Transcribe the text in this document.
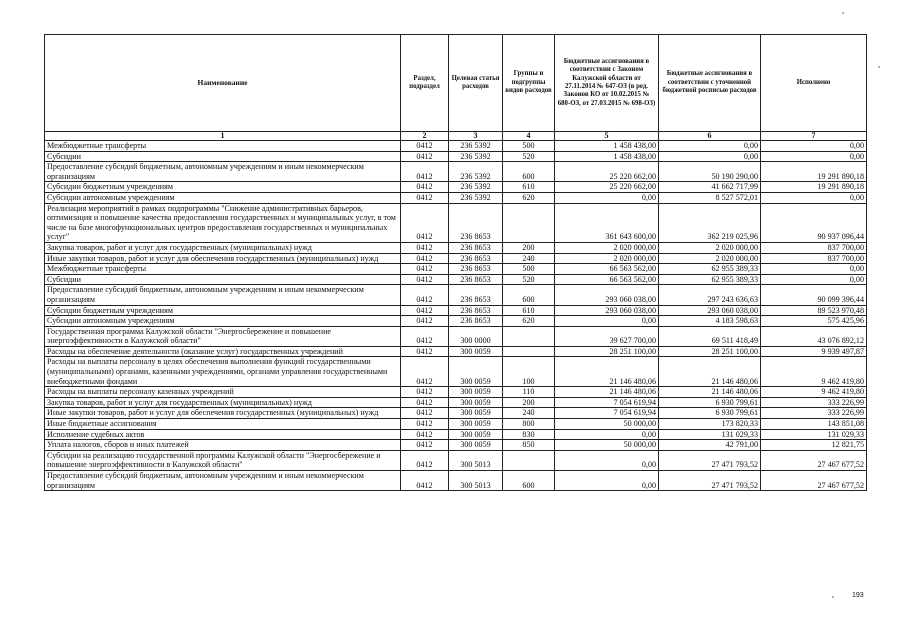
Наименование	Раздел, подраздел	Целевая статья расходов	Группы и подгруппы видов расходов	Бюджетные ассигнования в соответствии с Законом Калужской области от 27.11.2014 № 647-ОЗ (в ред. Законов КО от 10.02.2015 № 680-ОЗ, от 27.03.2015 № 698-ОЗ)	Бюджетные ассигнования в соответствии с уточненной бюджетной росписью расходов	Исполнено
1	2	3	4	5	6	7
Межбюджетные трансферты	0412	236 5392	500	1 458 438,00	0,00	0,00
Субсидии	0412	236 5392	520	1 458 438,00	0,00	0,00
Предоставление субсидий бюджетным, автономным учреждениям и иным некоммерческим организациям	0412	236 5392	600	25 220 662,00	50 190 290,00	19 291 890,18
Субсидии бюджетным учреждениям	0412	236 5392	610	25 220 662,00	41 662 717,99	19 291 890,18
Субсидии автономным учреждениям	0412	236 5392	620	0,00	8 527 572,01	0,00
Реализация мероприятий в рамках подпрограммы "Снижение административных барьеров, оптимизация и повышение качества предоставления государственных и муниципальных услуг, в том числе на базе многофункциональных центров предоставления государственных и муниципальных услуг"	0412	236 8653		361 643 600,00	362 219 025,96	90 937 096,44
Закупка товаров, работ и услуг для государственных (муниципальных) нужд	0412	236 8653	200	2 020 000,00	2 020 000,00	837 700,00
Иные закупки товаров, работ и услуг для обеспечения государственных (муниципальных) нужд	0412	236 8653	240	2 020 000,00	2 020 000,00	837 700,00
Межбюджетные трансферты	0412	236 8653	500	66 563 562,00	62 955 389,33	0,00
Субсидии	0412	236 8653	520	66 563 562,00	62 955 389,33	0,00
Предоставление субсидий бюджетным, автономным учреждениям и иным некоммерческим организациям	0412	236 8653	600	293 060 038,00	297 243 636,63	90 099 396,44
Субсидии бюджетным учреждениям	0412	236 8653	610	293 060 038,00	293 060 038,00	89 523 970,48
Субсидии автономным учреждениям	0412	236 8653	620	0,00	4 183 598,63	575 425,96
Государственная программа Калужской области "Энергосбережение и повышение энергоэффективности в Калужской области"	0412	300 0000		39 627 700,00	69 511 418,49	43 076 892,12
Расходы на обеспечение деятельности (оказание услуг) государственных учреждений	0412	300 0059		28 251 100,00	28 251 100,00	9 939 497,87
Расходы на выплаты персоналу в целях обеспечения выполнения функций государственными (муниципальными) органами, казенными учреждениями, органами управления государственными внебюджетными фондами	0412	300 0059	100	21 146 480,06	21 146 480,06	9 462 419,80
Расходы на выплаты персоналу казенных учреждений	0412	300 0059	110	21 146 480,06	21 146 480,06	9 462 419,80
Закупка товаров, работ и услуг для государственных (муниципальных) нужд	0412	300 0059	200	7 054 619,94	6 930 799,61	333 226,99
Иные закупки товаров, работ и услуг для обеспечения государственных (муниципальных) нужд	0412	300 0059	240	7 054 619,94	6 930 799,61	333 226,99
Иные бюджетные ассигнования	0412	300 0059	800	50 000,00	173 820,33	143 851,08
Исполнение судебных актов	0412	300 0059	830	0,00	131 029,33	131 029,33
Уплата налогов, сборов и иных платежей	0412	300 0059	850	50 000,00	42 791,00	12 821,75
Субсидии на реализацию государственной программы Калужской области "Энергосбережение и повышение энергоэффективности в Калужской области"	0412	300 5013		0,00	27 471 793,52	27 467 677,52
Предоставление субсидий бюджетным, автономным учреждениям и иным некоммерческим организациям	0412	300 5013	600	0,00	27 471 793,52	27 467 677,52
193
